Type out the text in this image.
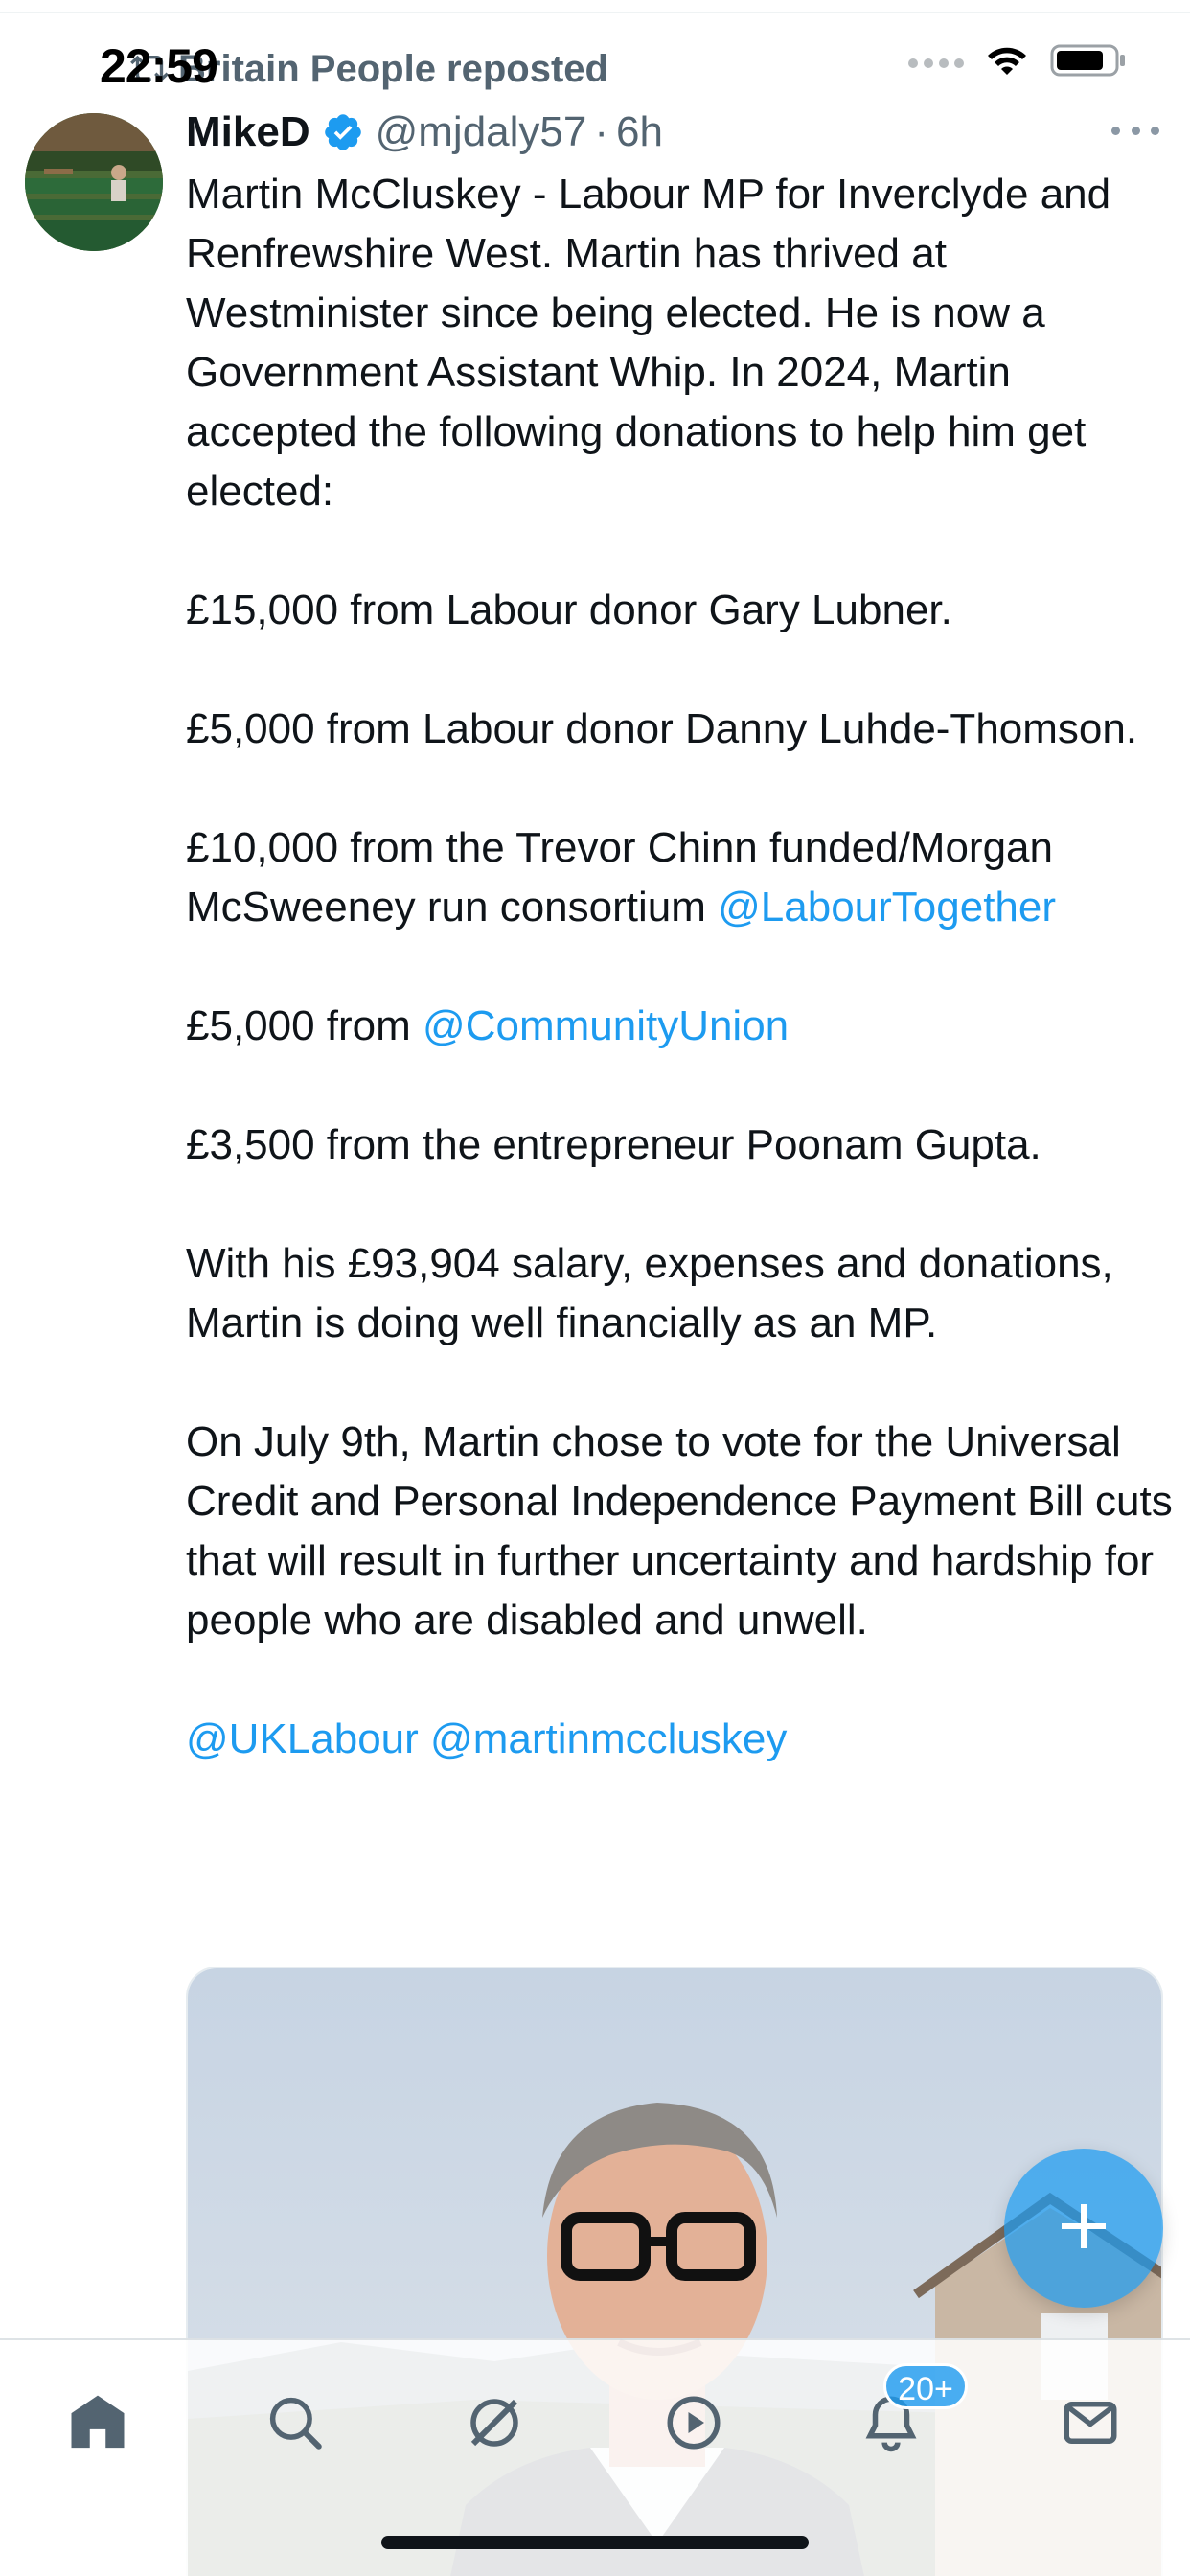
Britain People reposted
22:59
MikeD @mjdaly57 · 6h

Martin McCluskey - Labour MP for Inverclyde and Renfrewshire West. Martin has thrived at Westminister since being elected. He is now a Government Assistant Whip. In 2024, Martin accepted the following donations to help him get elected:

£15,000 from Labour donor Gary Lubner.

£5,000 from Labour donor Danny Luhde-Thomson.

£10,000 from the Trevor Chinn funded/Morgan McSweeney run consortium @LabourTogether

£5,000 from @CommunityUnion

£3,500 from the entrepreneur Poonam Gupta.

With his £93,904 salary, expenses and donations, Martin is doing well financially as an MP.

On July 9th, Martin chose to vote for the Universal Credit and Personal Independence Payment Bill cuts that will result in further uncertainty and hardship for people who are disabled and unwell.

@UKLabour @martinmccluskey

20+
